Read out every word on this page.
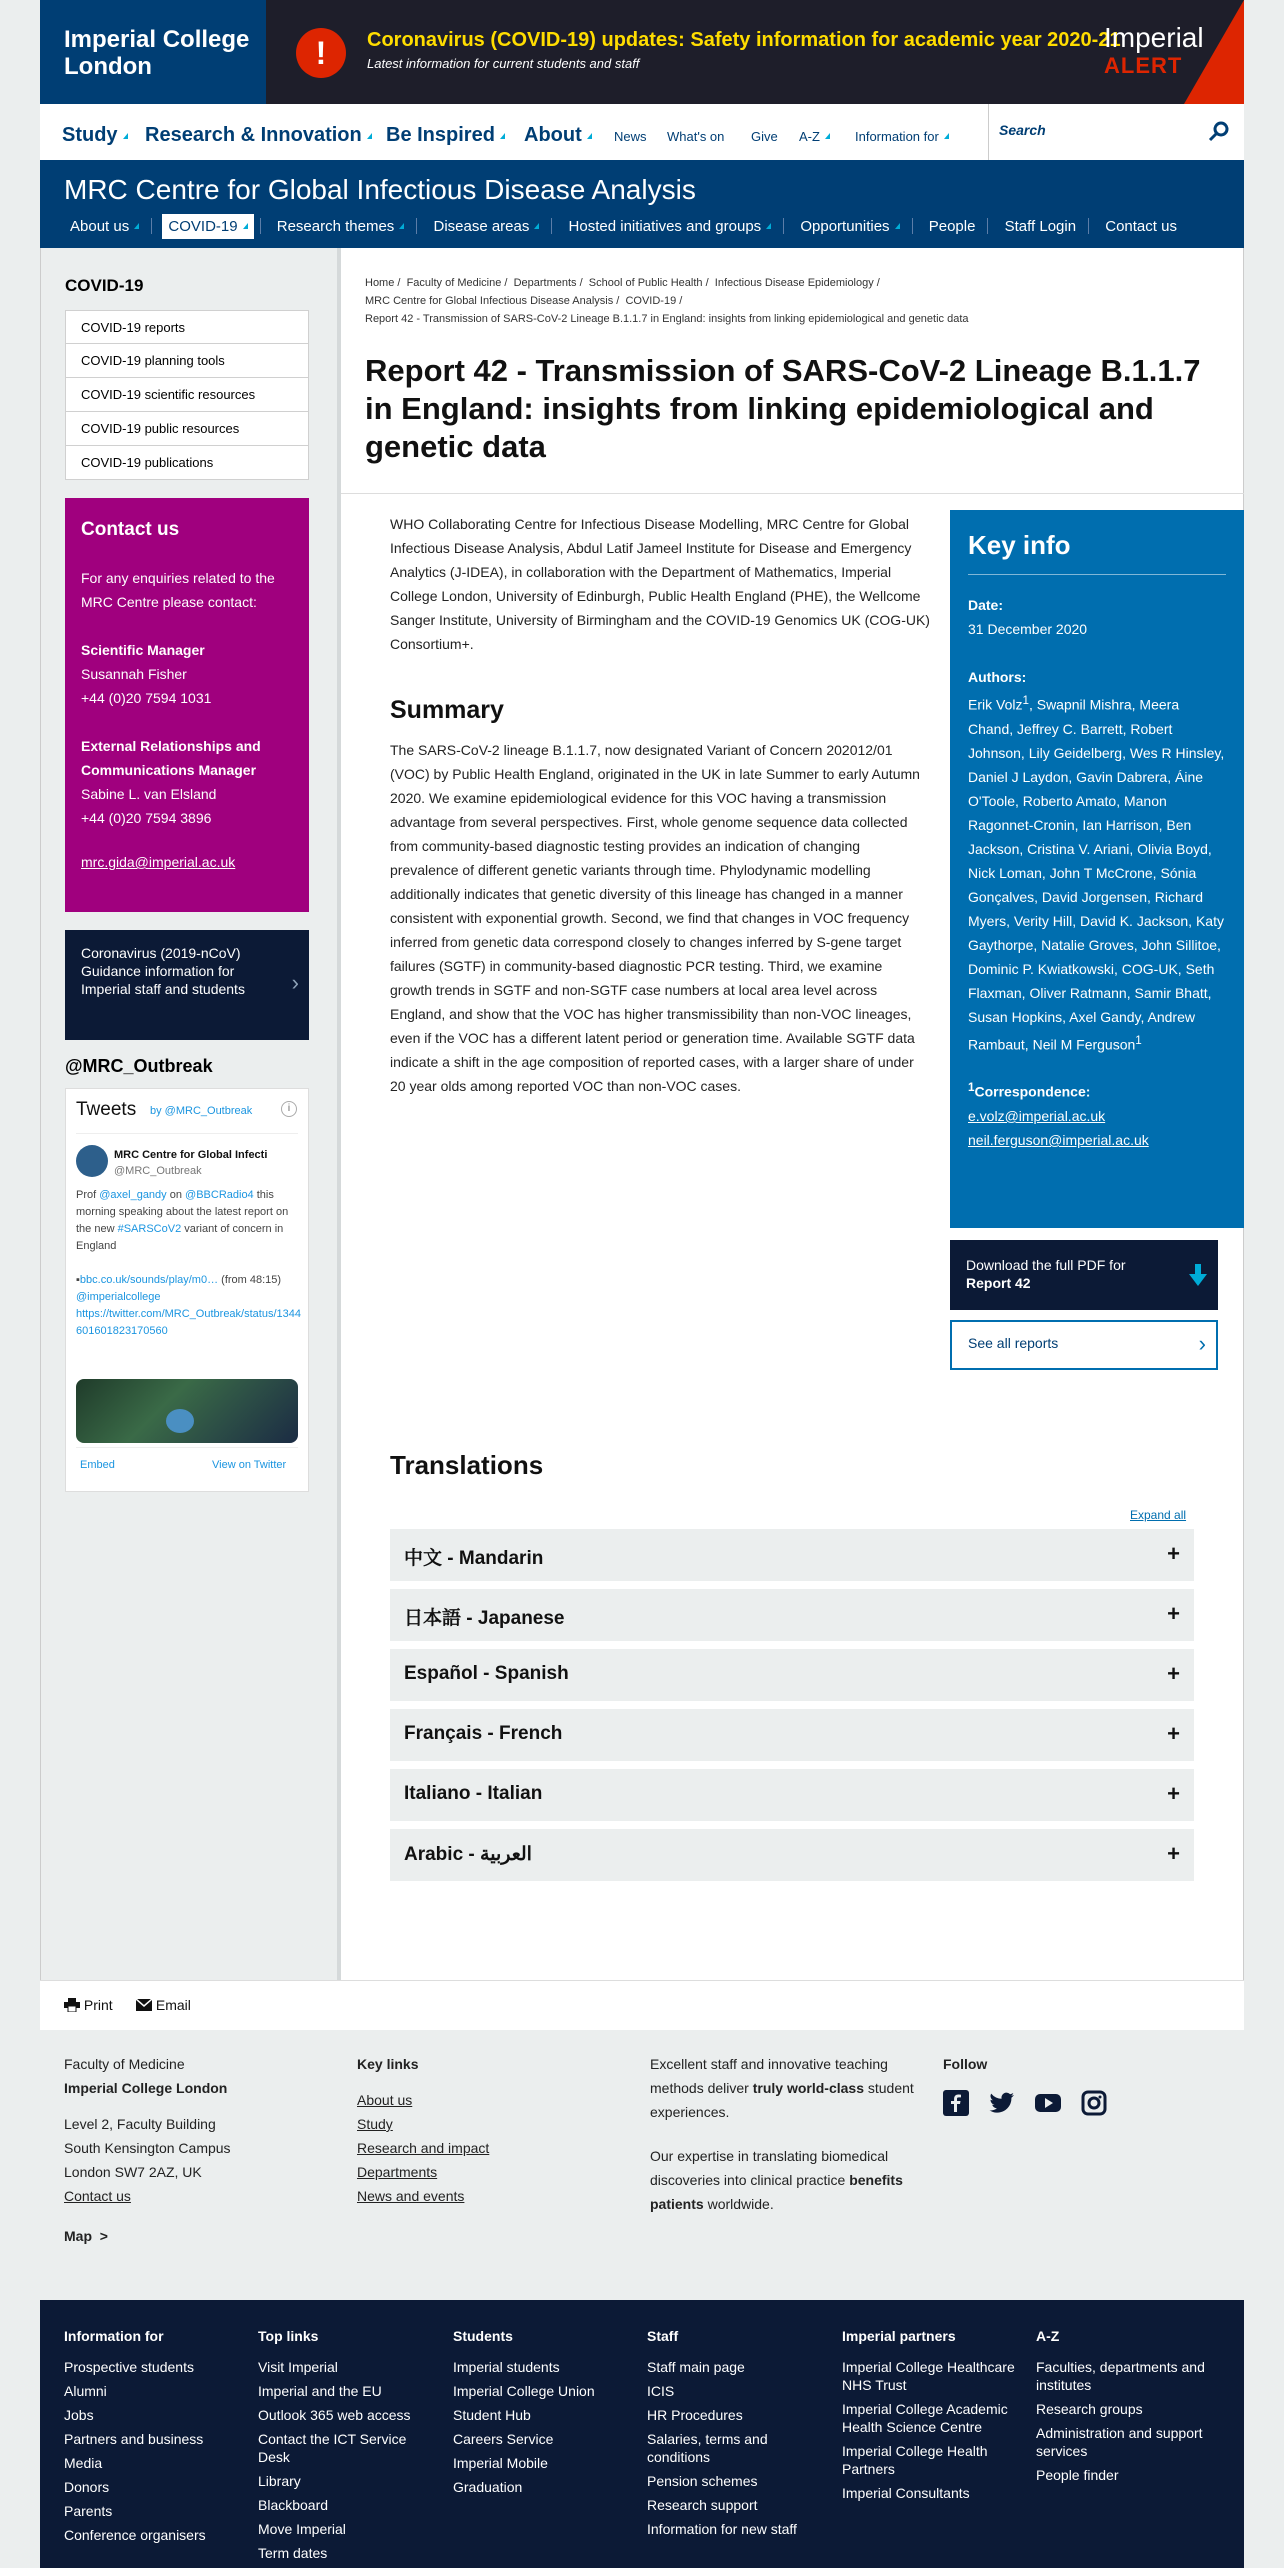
Imperial College
London	!	Coronavirus (COVID-19) updates: Safety information for academic year 2020-21
Latest information for current students and staff
Imperial
ALERT
Study	Research & Innovation	Be Inspired	About	News What's on Give A-Z	Information for
Search
MRC Centre for Global Infectious Disease Analysis
About us	COVID-19	Research themes	Disease areas	Hosted initiatives and groups	Opportunities	People Staff Login Contact us
COVID-19
COVID-19 reports
COVID-19 planning tools
COVID-19 scientific resources
COVID-19 public resources
COVID-19 publications
Contact us
For any enquiries related to the MRC Centre please contact:
Scientific Manager
Susannah Fisher
+44 (0)20 7594 1031
External Relationships and Communications Manager
Sabine L. van Elsland
+44 (0)20 7594 3896
mrc.gida@imperial.ac.uk
Coronavirus (2019-nCoV) Guidance information for Imperial staff and students	›
@MRC_Outbreak
Tweets by @MRC_Outbreak	i
MRC Centre for Global Infecti
@MRC_Outbreak
Prof @axel_gandy on @BBCRadio4 this morning speaking about the latest report on the new #SARSCoV2 variant of concern in England
▪bbc.co.uk/sounds/play/m0… (from 48:15) @imperialcollege
https://twitter.com/MRC_Outbreak/status/1344601601823170560
Embed	View on Twitter
Home /  Faculty of Medicine /  Departments /  School of Public Health /  Infectious Disease Epidemiology /
MRC Centre for Global Infectious Disease Analysis /  COVID-19 /
Report 42 - Transmission of SARS-CoV-2 Lineage B.1.1.7 in England: insights from linking epidemiological and genetic data
Report 42 - Transmission of SARS-CoV-2 Lineage B.1.1.7 in England: insights from linking epidemiological and genetic data

WHO Collaborating Centre for Infectious Disease Modelling, MRC Centre for Global Infectious Disease Analysis, Abdul Latif Jameel Institute for Disease and Emergency Analytics (J-IDEA), in collaboration with the Department of Mathematics, Imperial College London, University of Edinburgh, Public Health England (PHE), the Wellcome Sanger Institute, University of Birmingham and the COVID-19 Genomics UK (COG-UK) Consortium+.

Summary

The SARS-CoV-2 lineage B.1.1.7, now designated Variant of Concern 202012/01 (VOC) by Public Health England, originated in the UK in late Summer to early Autumn 2020. We examine epidemiological evidence for this VOC having a transmission advantage from several perspectives. First, whole genome sequence data collected from community-based diagnostic testing provides an indication of changing prevalence of different genetic variants through time. Phylodynamic modelling additionally indicates that genetic diversity of this lineage has changed in a manner consistent with exponential growth. Second, we find that changes in VOC frequency inferred from genetic data correspond closely to changes inferred by S-gene target failures (SGTF) in community-based diagnostic PCR testing. Third, we examine growth trends in SGTF and non-SGTF case numbers at local area level across England, and show that the VOC has higher transmissibility than non-VOC lineages, even if the VOC has a different latent period or generation time. Available SGTF data indicate a shift in the age composition of reported cases, with a larger share of under 20 year olds among reported VOC than non-VOC cases.

Key info
Date:
31 December 2020
Authors:
Erik Volz$^1$, Swapnil Mishra, Meera Chand, Jeffrey C. Barrett, Robert Johnson, Lily Geidelberg, Wes R Hinsley, Daniel J Laydon, Gavin Dabrera, Áine O'Toole, Roberto Amato, Manon Ragonnet-Cronin, Ian Harrison, Ben Jackson, Cristina V. Ariani, Olivia Boyd, Nick Loman, John T McCrone, Sónia Gonçalves, David Jorgensen, Richard Myers, Verity Hill, David K. Jackson, Katy Gaythorpe, Natalie Groves, John Sillitoe, Dominic P. Kwiatkowski, COG-UK, Seth Flaxman, Oliver Ratmann, Samir Bhatt, Susan Hopkins, Axel Gandy, Andrew Rambaut, Neil M Ferguson$^1$
$^1$Correspondence:
e.volz@imperial.ac.uk
neil.ferguson@imperial.ac.uk
Download the full PDF for
Report 42
See all reports	›
Translations
Expand all
中文 - Mandarin	+
日本語 - Japanese	+
Español - Spanish	+
Français - French	+
Italiano - Italian	+
Arabic - العربية	+
Print	Email
Faculty of Medicine
Imperial College London
Level 2, Faculty Building
South Kensington Campus
London SW7 2AZ, UK
Contact us
Map >
Key links
About us
Study
Research and impact
Departments
News and events

Excellent staff and innovative teaching methods deliver truly world-class student experiences.

Our expertise in translating biomedical discoveries into clinical practice benefits patients worldwide.

Follow

Information for
Prospective students
Alumni
Jobs
Partners and business
Media
Donors
Parents
Conference organisers
Top links
Visit Imperial
Imperial and the EU
Outlook 365 web access
Contact the ICT Service Desk
Library
Blackboard
Move Imperial
Term dates
Students
Imperial students
Imperial College Union
Student Hub
Careers Service
Imperial Mobile
Graduation
Staff
Staff main page
ICIS
HR Procedures
Salaries, terms and conditions
Pension schemes
Research support
Information for new staff
Imperial partners
Imperial College Healthcare NHS Trust
Imperial College Academic Health Science Centre
Imperial College Health Partners
Imperial Consultants
A-Z
Faculties, departments and institutes
Research groups
Administration and support services
People finder
